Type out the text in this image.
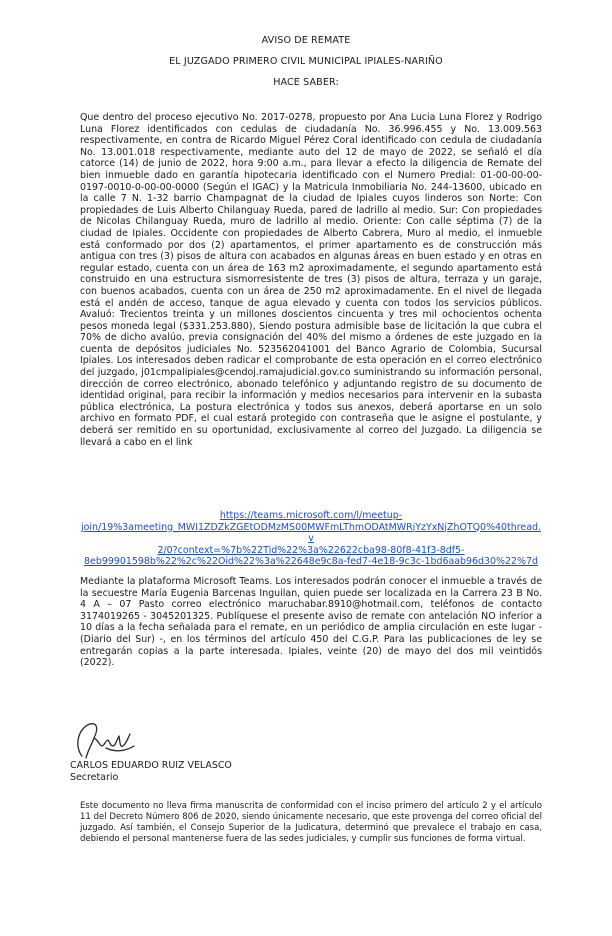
AVISO DE REMATE
EL JUZGADO PRIMERO CIVIL MUNICIPAL IPIALES-NARIÑO
HACE SABER:
Que dentro del proceso ejecutivo No. 2017-0278, propuesto por Ana Lucia Luna Florez y Rodrigo Luna Florez identificados con cedulas de ciudadanía No. 36.996.455 y No. 13.009.563 respectivamente, en contra de Ricardo Miguel Pérez Coral identificado con cedula de ciudadanía No. 13.001.018 respectivamente, mediante auto del 12 de mayo de 2022, se señaló el día catorce (14) de junio de 2022, hora 9:00 a.m., para llevar a efecto la diligencia de Remate del bien inmueble dado en garantía hipotecaria identificado con el Numero Predial: 01-00-00-00-0197-0010-0-00-00-0000 (Según el IGAC) y la Matricula Inmobiliaria No. 244-13600, ubicado en la calle 7 N. 1-32 barrio Champagnat de la ciudad de Ipiales cuyos linderos son Norte: Con propiedades de Luis Alberto Chilanguay Rueda, pared de ladrillo al medio. Sur: Con propiedades de Nicolas Chilanguay Rueda, muro de ladrillo al medio. Oriente: Con calle séptima (7) de la ciudad de Ipiales. Occidente con propiedades de Alberto Cabrera, Muro al medio, el inmueble está conformado por dos (2) apartamentos, el primer apartamento es de construcción más antigua con tres (3) pisos de altura con acabados en algunas áreas en buen estado y en otras en regular estado, cuenta con un área de 163 m2 aproximadamente, el segundo apartamento está construido en una estructura sismorresistente de tres (3) pisos de altura, terraza y un garaje, con buenos acabados, cuenta con un área de 250 m2 aproximadamente. En el nivel de llegada está el andén de acceso, tanque de agua elevado y cuenta con todos los servicios públicos. Avaluó: Trecientos treinta y un millones doscientos cincuenta y tres mil ochocientos ochenta pesos moneda legal ($331.253.880), Siendo postura admisible base de licitación la que cubra el 70% de dicho avalúo, previa consignación del 40% del mismo a órdenes de este juzgado en la cuenta de depósitos judiciales No. 523562041001 del Banco Agrario de Colombia, Sucursal Ipiales. Los interesados deben radicar el comprobante de esta operación en el correo electrónico del juzgado, j01cmpalipiales@cendoj.ramajudicial.gov.co suministrando su información personal, dirección de correo electrónico, abonado telefónico y adjuntando registro de su documento de identidad original, para recibir la información y medios necesarios para intervenir en la subasta pública electrónica, La postura electrónica y todos sus anexos, deberá aportarse en un solo archivo en formato PDF, el cual estará protegido con contraseña que le asigne el postulante, y deberá ser remitido en su oportunidad, exclusivamente al correo del Juzgado. La diligencia se llevará a cabo en el link
https://teams.microsoft.com/l/meetup-
join/19%3ameeting_MWI1ZDZkZGEtODMzMS00MWFmLThmODAtMWRjYzYxNjZhOTQ0%40thread.v
2/0?context=%7b%22Tid%22%3a%22622cba98-80f8-41f3-8df5-
8eb99901598b%22%2c%22Oid%22%3a%22648e9c8a-fed7-4e18-9c3c-1bd6aab96d30%22%7d
Mediante la plataforma Microsoft Teams. Los interesados podrán conocer el inmueble a través de la secuestre María Eugenia Barcenas Inguilan, quien puede ser localizada en la Carrera 23 B No. 4 A – 07 Pasto correo electrónico maruchabar.8910@hotmail.com, teléfonos de contacto 3174019265 - 3045201325. Publíquese el presente aviso de remate con antelación NO inferior a 10 días a la fecha señalada para el remate, en un periódico de amplia circulación en este lugar - (Diario del Sur) -, en los términos del artículo 450 del C.G.P. Para las publicaciones de ley se entregarán copias a la parte interesada. Ipiales, veinte (20) de mayo del dos mil veintidós (2022).
CARLOS EDUARDO RUIZ VELASCO
Secretario
Este documento no lleva firma manuscrita de conformidad con el inciso primero del artículo 2 y el artículo 11 del Decreto Número 806 de 2020, siendo únicamente necesario, que este provenga del correo oficial del juzgado. Así también, el Consejo Superior de la Judicatura, determinó que prevalece el trabajo en casa, debiendo el personal mantenerse fuera de las sedes judiciales, y cumplir sus funciones de forma virtual.
